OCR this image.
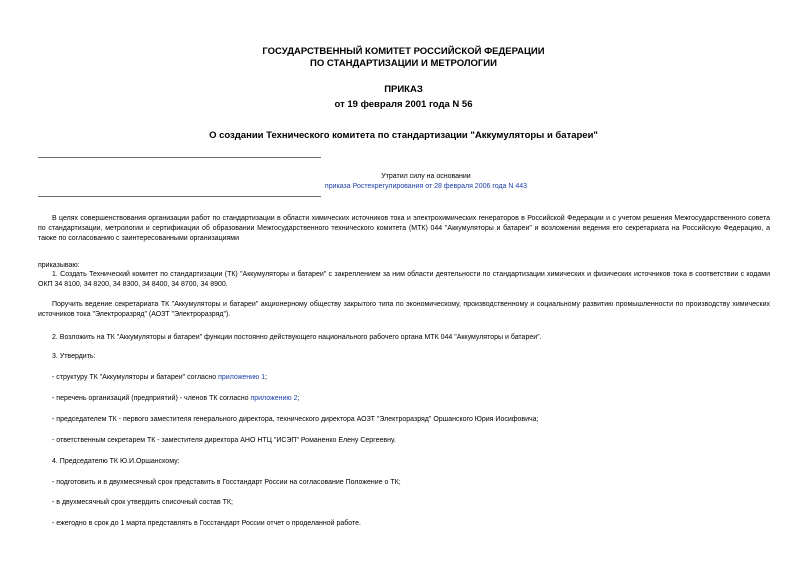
ГОСУДАРСТВЕННЫЙ КОМИТЕТ РОССИЙСКОЙ ФЕДЕРАЦИИ
ПО СТАНДАРТИЗАЦИИ И МЕТРОЛОГИИ
ПРИКАЗ
от 19 февраля 2001 года N 56
О создании Технического комитета по стандартизации "Аккумуляторы и батареи"
Утратил силу на основании
приказа Ростехрегулирования от 28 февраля 2006 года N 443
В целях совершенствования организации работ по стандартизации в области химических источников тока и электрохимических генераторов в Российской Федерации и с учетом решения Межгосударственного совета по стандартизации, метрологии и сертификации об образовании Межгосударственного технического комитета (МТК) 044 "Аккумуляторы и батареи" и возложении ведения его секретариата на Российскую Федерацию, а также по согласованию с заинтересованными организациями
приказываю:
1. Создать Технический комитет по стандартизации (ТК) "Аккумуляторы и батареи" с закреплением за ним области деятельности по стандартизации химических и физических источников тока в соответствии с кодами ОКП 34 8100, 34 8200, 34 8300, 34 8400, 34 8700, 34 8900.
Поручить ведение секретариата ТК "Аккумуляторы и батареи" акционерному обществу закрытого типа по экономическому, производственному и социальному развитию промышленности по производству химических источников тока "Электроразряд" (АОЗТ "Электроразряд").
2. Возложить на ТК "Аккумуляторы и батареи" функции постоянно действующего национального рабочего органа МТК 044 "Аккумуляторы и батареи".
3. Утвердить:
- структуру ТК "Аккумуляторы и батареи" согласно приложению 1;
- перечень организаций (предприятий) - членов ТК согласно приложению 2;
- председателем ТК - первого заместителя генерального директора, технического директора АОЗТ "Электроразряд" Оршанского Юрия Иосифовича;
- ответственным секретарем ТК - заместителя директора АНО НТЦ "ИСЭП" Романенко Елену Сергеевну.
4. Председателю ТК Ю.И.Оршанскому:
- подготовить и в двухмесячный срок представить в Госстандарт России на согласование Положение о ТК;
- в двухмесячный срок утвердить списочный состав ТК;
- ежегодно в срок до 1 марта представлять в Госстандарт России отчет о проделанной работе.
